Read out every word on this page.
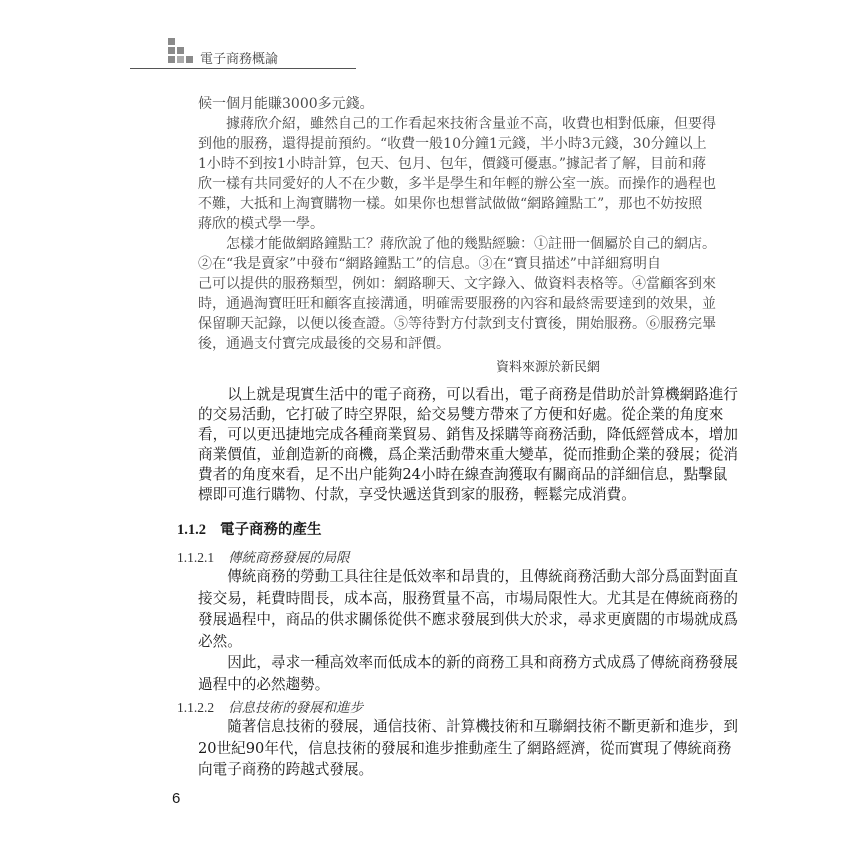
電子商務概論
候一個月能賺3000多元錢。
　　據蔣欣介紹，雖然自己的工作看起來技術含量並不高，收費也相對低廉，但要得
到他的服務，還得提前預約。“收費一般10分鐘1元錢，半小時3元錢，30分鐘以上
1小時不到按1小時計算，包天、包月、包年，價錢可優惠。”據記者了解，目前和蔣
欣一樣有共同愛好的人不在少數，多半是學生和年輕的辦公室一族。而操作的過程也
不難，大抵和上淘寶購物一樣。如果你也想嘗試做做“網路鐘點工”，那也不妨按照
蔣欣的模式學一學。
　　怎樣才能做網路鐘點工？蔣欣說了他的幾點經驗：①註冊一個屬於自己的網店。
②在“我是賣家”中發布“網路鐘點工”的信息。③在“寶貝描述”中詳細寫明自
己可以提供的服務類型，例如：網路聊天、文字錄入、做資料表格等。④當顧客到來
時，通過淘寶旺旺和顧客直接溝通，明確需要服務的內容和最終需要達到的效果，並
保留聊天記錄，以便以後查證。⑤等待對方付款到支付寶後，開始服務。⑥服務完畢
後，通過支付寶完成最後的交易和評價。
資料來源於新民網
　　以上就是現實生活中的電子商務，可以看出，電子商務是借助於計算機網路進行
的交易活動，它打破了時空界限，給交易雙方帶來了方便和好處。從企業的角度來
看，可以更迅捷地完成各種商業貿易、銷售及採購等商務活動，降低經營成本，增加
商業價值，並創造新的商機，爲企業活動帶來重大變革，從而推動企業的發展；從消
費者的角度來看，足不出户能夠24小時在線查詢獲取有關商品的詳細信息，點擊鼠
標即可進行購物、付款，享受快遞送貨到家的服務，輕鬆完成消費。
1.1.2 電子商務的產生
1.1.2.1 傳統商務發展的局限
　　傳統商務的勞動工具往往是低效率和昂貴的，且傳統商務活動大部分爲面對面直
接交易，耗費時間長，成本高，服務質量不高，市場局限性大。尤其是在傳統商務的
發展過程中，商品的供求關係從供不應求發展到供大於求，尋求更廣闊的市場就成爲
必然。
　　因此，尋求一種高效率而低成本的新的商務工具和商務方式成爲了傳統商務發展
過程中的必然趨勢。
1.1.2.2 信息技術的發展和進步
　　隨著信息技術的發展，通信技術、計算機技術和互聯網技術不斷更新和進步，到
20世紀90年代，信息技術的發展和進步推動產生了網路經濟，從而實現了傳統商務
向電子商務的跨越式發展。
6
